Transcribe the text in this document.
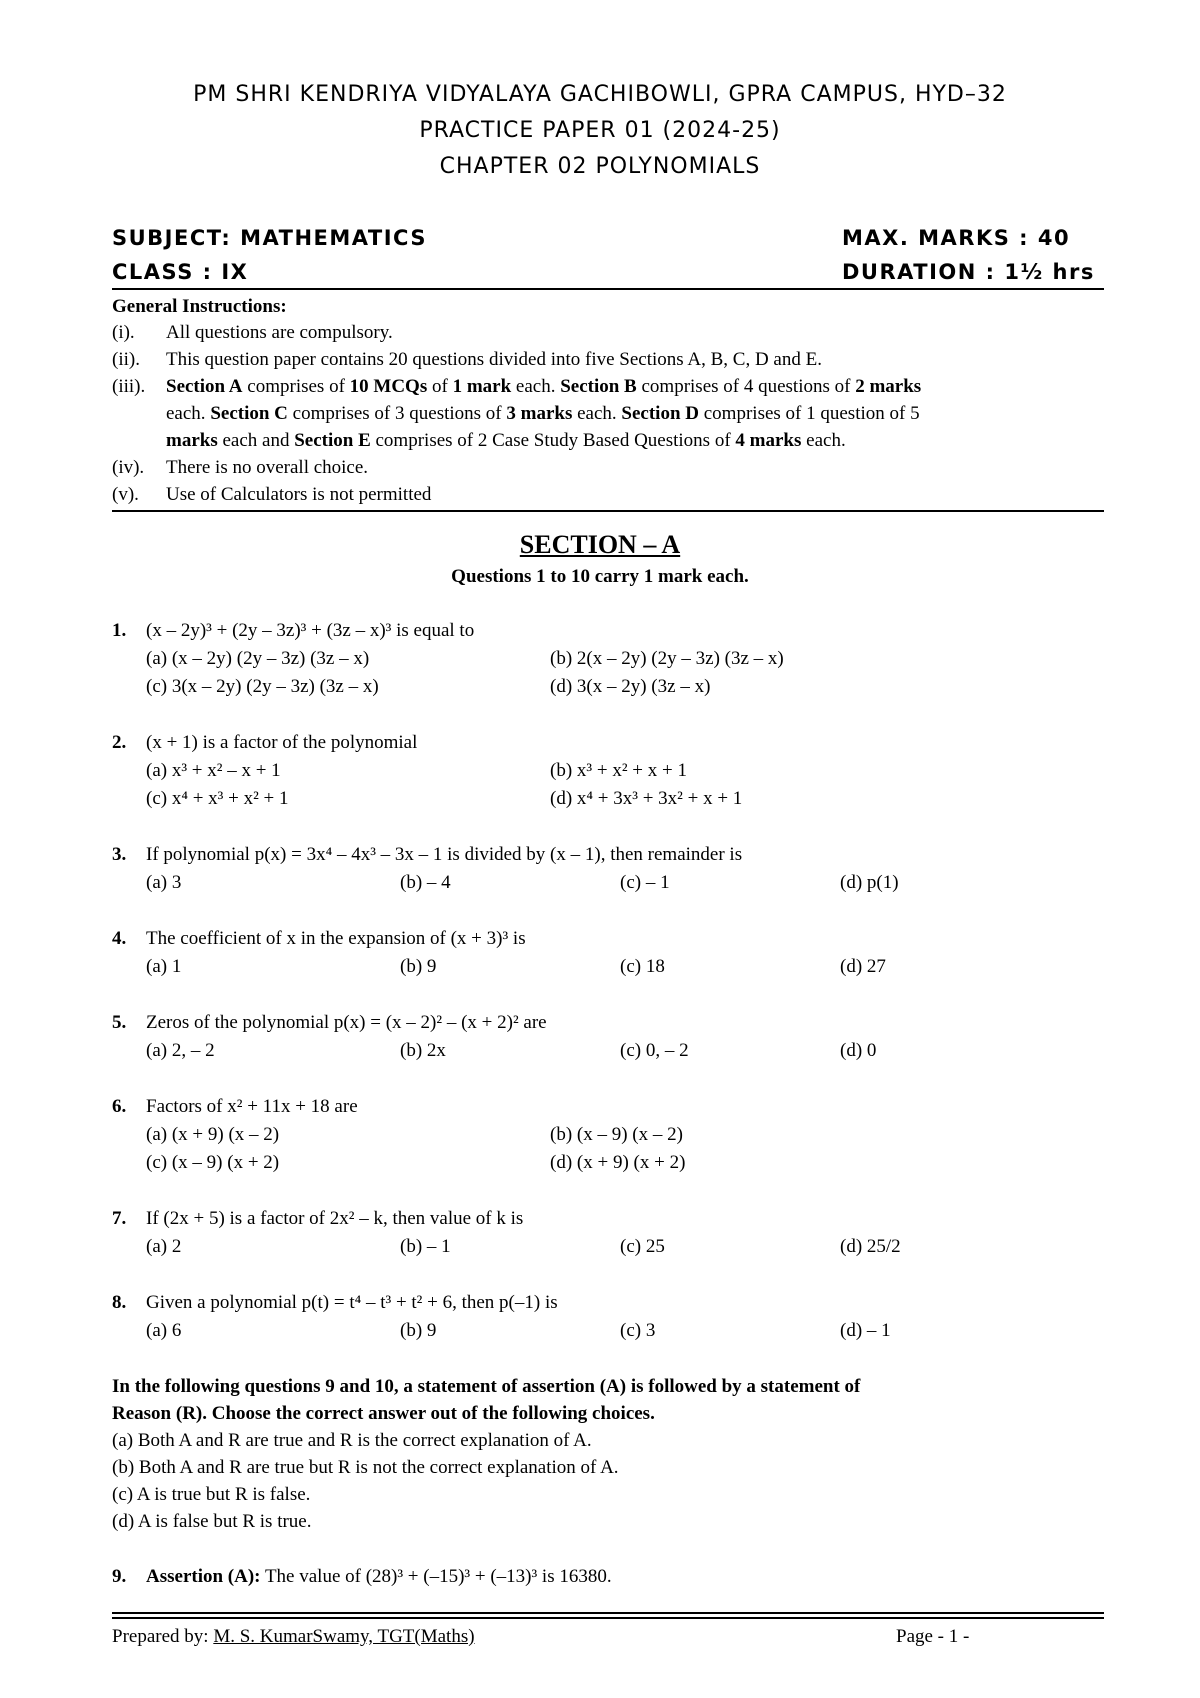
PM SHRI KENDRIYA VIDYALAYA GACHIBOWLI, GPRA CAMPUS, HYD–32
PRACTICE PAPER 01 (2024-25)
CHAPTER 02 POLYNOMIALS
SUBJECT: MATHEMATICS	MAX. MARKS : 40
CLASS : IX	DURATION : 1½ hrs
General Instructions:
(i). All questions are compulsory.
(ii). This question paper contains 20 questions divided into five Sections A, B, C, D and E.
(iii). Section A comprises of 10 MCQs of 1 mark each. Section B comprises of 4 questions of 2 marks
each. Section C comprises of 3 questions of 3 marks each. Section D comprises of 1 question of 5
marks each and Section E comprises of 2 Case Study Based Questions of 4 marks each.
(iv). There is no overall choice.
(v). Use of Calculators is not permitted
SECTION – A
Questions 1 to 10 carry 1 mark each.
1. (x – 2y)³ + (2y – 3z)³ + (3z – x)³ is equal to
(a) (x – 2y) (2y – 3z) (3z – x)	(b) 2(x – 2y) (2y – 3z) (3z – x)
(c) 3(x – 2y) (2y – 3z) (3z – x)	(d) 3(x – 2y) (3z – x)
2. (x + 1) is a factor of the polynomial
(a) x³ + x² – x + 1	(b) x³ + x² + x + 1
(c) x⁴ + x³ + x² + 1	(d) x⁴ + 3x³ + 3x² + x + 1
3. If polynomial p(x) = 3x⁴ – 4x³ – 3x – 1 is divided by (x – 1), then remainder is
(a) 3	(b) – 4	(c) – 1	(d) p(1)
4. The coefficient of x in the expansion of (x + 3)³ is
(a) 1	(b) 9	(c) 18	(d) 27
5. Zeros of the polynomial p(x) = (x – 2)² – (x + 2)² are
(a) 2, – 2	(b) 2x	(c) 0, – 2	(d) 0
6. Factors of x² + 11x + 18 are
(a) (x + 9) (x – 2)	(b) (x – 9) (x – 2)
(c) (x – 9) (x + 2)	(d) (x + 9) (x + 2)
7. If (2x + 5) is a factor of 2x² – k, then value of k is
(a) 2	(b) – 1	(c) 25	(d) 25/2
8. Given a polynomial p(t) = t⁴ – t³ + t² + 6, then p(–1) is
(a) 6	(b) 9	(c) 3	(d) – 1
In the following questions 9 and 10, a statement of assertion (A) is followed by a statement of
Reason (R). Choose the correct answer out of the following choices.
(a) Both A and R are true and R is the correct explanation of A.
(b) Both A and R are true but R is not the correct explanation of A.
(c) A is true but R is false.
(d) A is false but R is true.
9. Assertion (A): The value of (28)³ + (–15)³ + (–13)³ is 16380.
Prepared by: M. S. KumarSwamy, TGT(Maths)	Page - 1 -
